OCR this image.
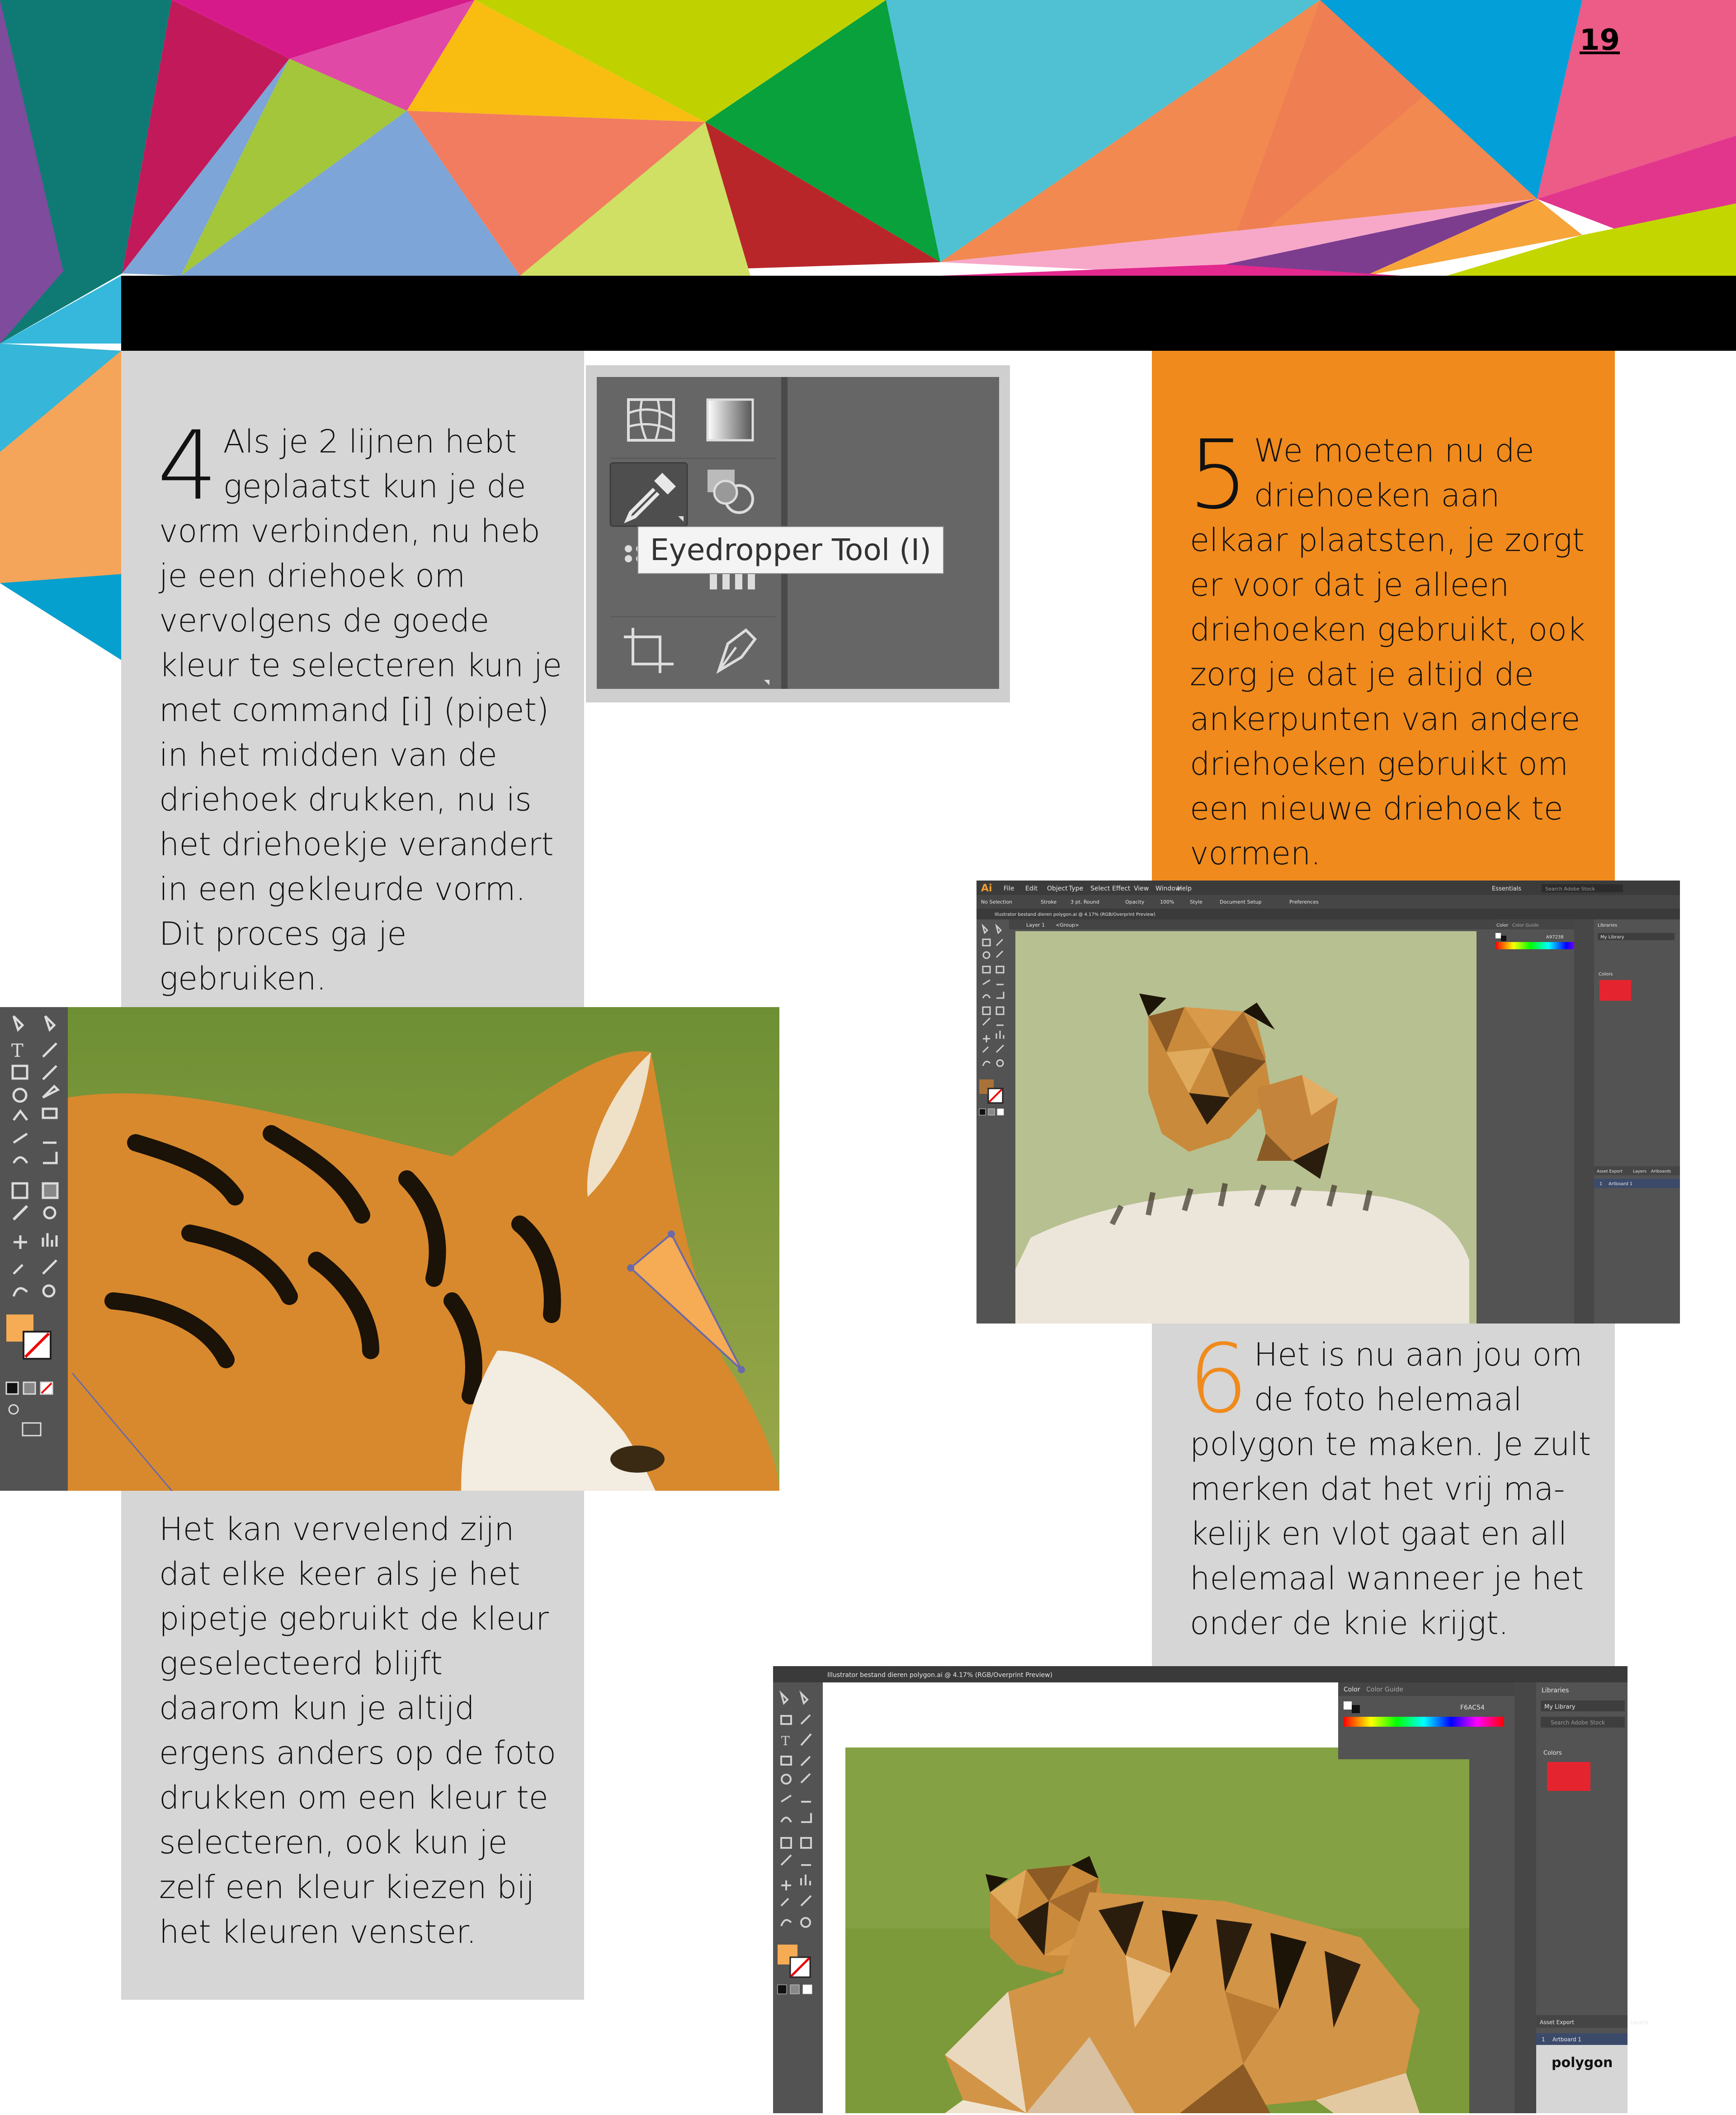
19
4 Als je 2 lijnen hebt geplaatst kun je de vorm verbinden, nu heb je een driehoek om vervolgens de goede kleur te selecteren kun je met command [i] (pipet) in het midden van de driehoek drukken, nu is het driehoekje verandert in een gekleurde vorm. Dit proces ga je gebruiken.
5 We moeten nu de driehoeken aan elkaar plaatsten, je zorgt er voor dat je alleen driehoeken gebruikt, ook zorg je dat je altijd de ankerpunten van andere driehoeken gebruikt om een nieuwe driehoek te vormen.
6 Het is nu aan jou om de foto helemaal polygon te maken. Je zult merken dat het vrij ma-kelijk en vlot gaat en all helemaal wanneer je het onder de knie krijgt.
Het kan vervelend zijn dat elke keer als je het pipetje gebruikt de kleur geselecteerd blijft daarom kun je altijd ergens anders op de foto drukken om een kleur te selecteren, ook kun je zelf een kleur kiezen bij het kleuren venster.
Eyedropper Tool (I)
T
Ai File Edit Object Type Select Effect View Window
Help	Essentials	Search Adobe Stock
No Selection	Stroke	3 pt. Round	Opacity	100%	Style	Document Setup	Preferences
Illustrator bestand dieren polygon.ai @ 4.17% (RGB/Overprint Preview)
Layer 1 <Group>	Color Color Guide
A97238
Libraries
My Library
Colors
Asset Export	Layers Artboards
1 Artboard 1
Illustrator bestand dieren polygon.ai @ 4.17% (RGB/Overprint Preview)
T
Color Color Guide
F6AC54
Libraries
My Library
Search Adobe Stock
Colors
Asset Export	Layers
1 Artboard 1
polygon
